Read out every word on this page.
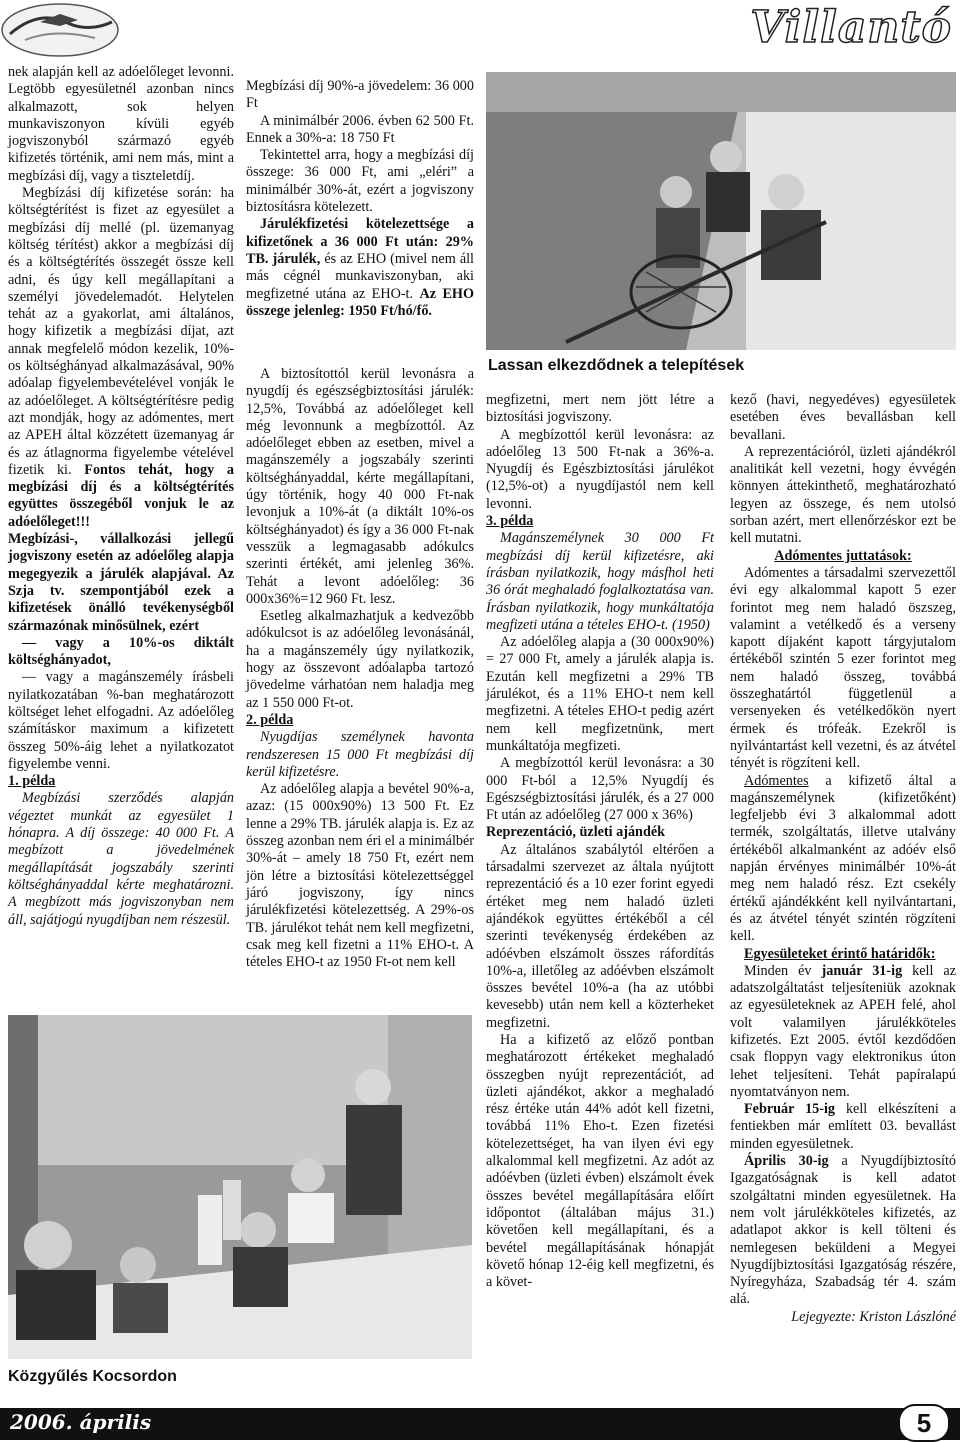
Villantó

nek alapján kell az adóelőleget levonni. Legtöbb egyesületnél azonban nincs alkalmazott, sok helyen munkaviszonyon kívüli egyéb jogviszonyból származó egyéb kifizetés történik, ami nem más, mint a megbízási díj, vagy a tiszteletdíj.

Megbízási díj kifizetése során: ha költségtérítést is fizet az egyesület a megbízási díj mellé (pl. üzemanyag költség térítést) akkor a megbízási díj és a költségtérítés összegét össze kell adni, és úgy kell megállapítani a személyi jövedelemadót. Helytelen tehát az a gyakorlat, ami általános, hogy kifizetik a megbízási díjat, azt annak megfelelő módon kezelik, 10%-os költséghányad alkalmazásával, 90% adóalap figyelembevételével vonják le az adóelőleget. A költségtérítésre pedig azt mondják, hogy az adómentes, mert az APEH által közzétett üzemanyag ár és az átlagnorma figyelembe vételével fizetik ki. Fontos tehát, hogy a megbízási díj és a költségtérítés együttes összegéből vonjuk le az adóelőleget!!!

Megbízási-, vállalkozási jellegű jogviszony esetén az adóelőleg alapja megegyezik a járulék alapjával. Az Szja tv. szempontjából ezek a kifizetések önálló tevékenységből származónak minősülnek, ezért

— vagy a 10%-os diktált költséghányadot,

— vagy a magánszemély írásbeli nyilatkozatában %-ban meghatározott költséget lehet elfogadni. Az adóelőleg számításkor maximum a kifizetett összeg 50%-áig lehet a nyilatkozatot figyelembe venni.

1. példa

Megbízási szerződés alapján végeztet munkát az egyesület 1 hónapra. A díj összege: 40 000 Ft. A megbízott a jövedelmének megállapítását jogszabály szerinti költséghányaddal kérte meghatározni. A megbízott más jogviszonyban nem áll, sajátjogú nyugdíjban nem részesül.

Közgyűlés Kocsordon

Megbízási díj 90%-a jövedelem: 36 000 Ft

A minimálbér 2006. évben 62 500 Ft. Ennek a 30%-a: 18 750 Ft

Tekintettel arra, hogy a megbízási díj összege: 36 000 Ft, ami „eléri” a minimálbér 30%-át, ezért a jogviszony biztosításra kötelezett.

Járulékfizetési kötelezettsége a kifizetőnek a 36 000 Ft után: 29% TB. járulék, és az EHO (mivel nem áll más cégnél munkaviszonyban, aki megfizetné utána az EHO-t. Az EHO összege jelenleg: 1950 Ft/hó/fő.

Lassan elkezdődnek a telepítések

A biztosítottól kerül levonásra a nyugdíj és egészségbiztosítási járulék: 12,5%, Továbbá az adóelőleget kell még levonnunk a megbízottól. Az adóelőleget ebben az esetben, mivel a magánszemély a jogszabály szerinti költséghányaddal, kérte megállapítani, úgy történik, hogy 40 000 Ft-nak levonjuk a 10%-át (a diktált 10%-os költséghányadot) és így a 36 000 Ft-nak vesszük a legmagasabb adókulcs szerinti értékét, ami jelenleg 36%. Tehát a levont adóelőleg: 36 000x36%=12 960 Ft. lesz.

Esetleg alkalmazhatjuk a kedvezőbb adókulcsot is az adóelőleg levonásánál, ha a magánszemély úgy nyilatkozik, hogy az összevont adóalapba tartozó jövedelme várhatóan nem haladja meg az 1 550 000 Ft-ot.

2. példa

Nyugdíjas személynek havonta rendszeresen 15 000 Ft megbízási díj kerül kifizetésre.

Az adóelőleg alapja a bevétel 90%-a, azaz: (15 000x90%) 13 500 Ft. Ez lenne a 29% TB. járulék alapja is. Ez az összeg azonban nem éri el a minimálbér 30%-át – amely 18 750 Ft, ezért nem jön létre a biztosítási kötelezettséggel járó jogviszony, így nincs járulékfizetési kötelezettség. A 29%-os TB. járulékot tehát nem kell megfizetni, csak meg kell fizetni a 11% EHO-t. A tételes EHO-t az 1950 Ft-ot nem kell

megfizetni, mert nem jött létre a biztosítási jogviszony.

A megbízottól kerül levonásra: az adóelőleg 13 500 Ft-nak a 36%-a. Nyugdíj és Egészbiztosítási járulékot (12,5%-ot) a nyugdíjastól nem kell levonni.

3. példa

Magánszemélynek 30 000 Ft megbízási díj kerül kifizetésre, aki írásban nyilatkozik, hogy másfhol heti 36 órát meghaladó foglalkoztatása van. Írásban nyilatkozik, hogy munkáltatója megfizeti utána a tételes EHO-t. (1950)

Az adóelőleg alapja a (30 000x90%) = 27 000 Ft, amely a járulék alapja is. Ezután kell megfizetni a 29% TB járulékot, és a 11% EHO-t nem kell megfizetni. A tételes EHO-t pedig azért nem kell megfizetnünk, mert munkáltatója megfizeti.

A megbízottól kerül levonásra: a 30 000 Ft-ból a 12,5% Nyugdíj és Egészségbiztosítási járulék, és a 27 000 Ft után az adóelőleg (27 000 x 36%)

Reprezentáció, üzleti ajándék

Az általános szabálytól eltérően a társadalmi szervezet az általa nyújtott reprezentáció és a 10 ezer forint egyedi értéket meg nem haladó üzleti ajándékok együttes értékéből a cél szerinti tevékenység érdekében az adóévben elszámolt összes ráfordítás 10%-a, illetőleg az adóévben elszámolt összes bevétel 10%-a (ha az utóbbi kevesebb) után nem kell a közterheket megfizetni.

Ha a kifizető az előző pontban meghatározott értékeket meghaladó összegben nyújt reprezentációt, ad üzleti ajándékot, akkor a meghaladó rész értéke után 44% adót kell fizetni, továbbá 11% Eho-t. Ezen fizetési kötelezettséget, ha van ilyen évi egy alkalommal kell megfizetni. Az adót az adóévben (üzleti évben) elszámolt évek összes bevétel megállapítására előírt időpontot (általában május 31.) követően kell megállapítani, és a bevétel megállapításának hónapját követő hónap 12-éig kell megfizetni, és a követ-

kező (havi, negyedéves) egyesületek esetében éves bevallásban kell bevallani.

A reprezentációról, üzleti ajándékról analitikát kell vezetni, hogy évvégén könnyen áttekinthető, meghatározható legyen az összege, és nem utolsó sorban azért, mert ellenőrzéskor ezt be kell mutatni.

Adómentes juttatások:

Adómentes a társadalmi szervezettől évi egy alkalommal kapott 5 ezer forintot meg nem haladó öszszeg, valamint a vetélkedő és a verseny kapott díjaként kapott tárgyjutalom értékéből szintén 5 ezer forintot meg nem haladó összeg, továbbá összeghatártól függetlenül a versenyeken és vetélkedőkön nyert érmek és trófeák. Ezekről is nyilvántartást kell vezetni, és az átvétel tényét is rögzíteni kell.

Adómentes a kifizető által a magánszemélynek (kifizetőként) legfeljebb évi 3 alkalommal adott termék, szolgáltatás, illetve utalvány értékéből alkalmanként az adóév első napján érvényes minimálbér 10%-át meg nem haladó rész. Ezt csekély értékű ajándékként kell nyilvántartani, és az átvétel tényét szintén rögzíteni kell.

Egyesületeket érintő határidők:

Minden év január 31-ig kell az adatszolgáltatást teljesíteniük azoknak az egyesületeknek az APEH felé, ahol volt valamilyen járulékköteles kifizetés. Ezt 2005. évtől kezdődően csak floppyn vagy elektronikus úton lehet teljesíteni. Tehát papíralapú nyomtatványon nem.

Február 15-ig kell elkészíteni a fentiekben már említett 03. bevallást minden egyesületnek.

Április 30-ig a Nyugdíjbiztosító Igazgatóságnak is kell adatot szolgáltatni minden egyesületnek. Ha nem volt járulékköteles kifizetés, az adatlapot akkor is kell tölteni és nemlegesen beküldeni a Megyei Nyugdíjbiztosítási Igazgatóság részére, Nyíregyháza, Szabadság tér 4. szám alá.

Lejegyezte: Kriston Lászlóné

2006. április	5
